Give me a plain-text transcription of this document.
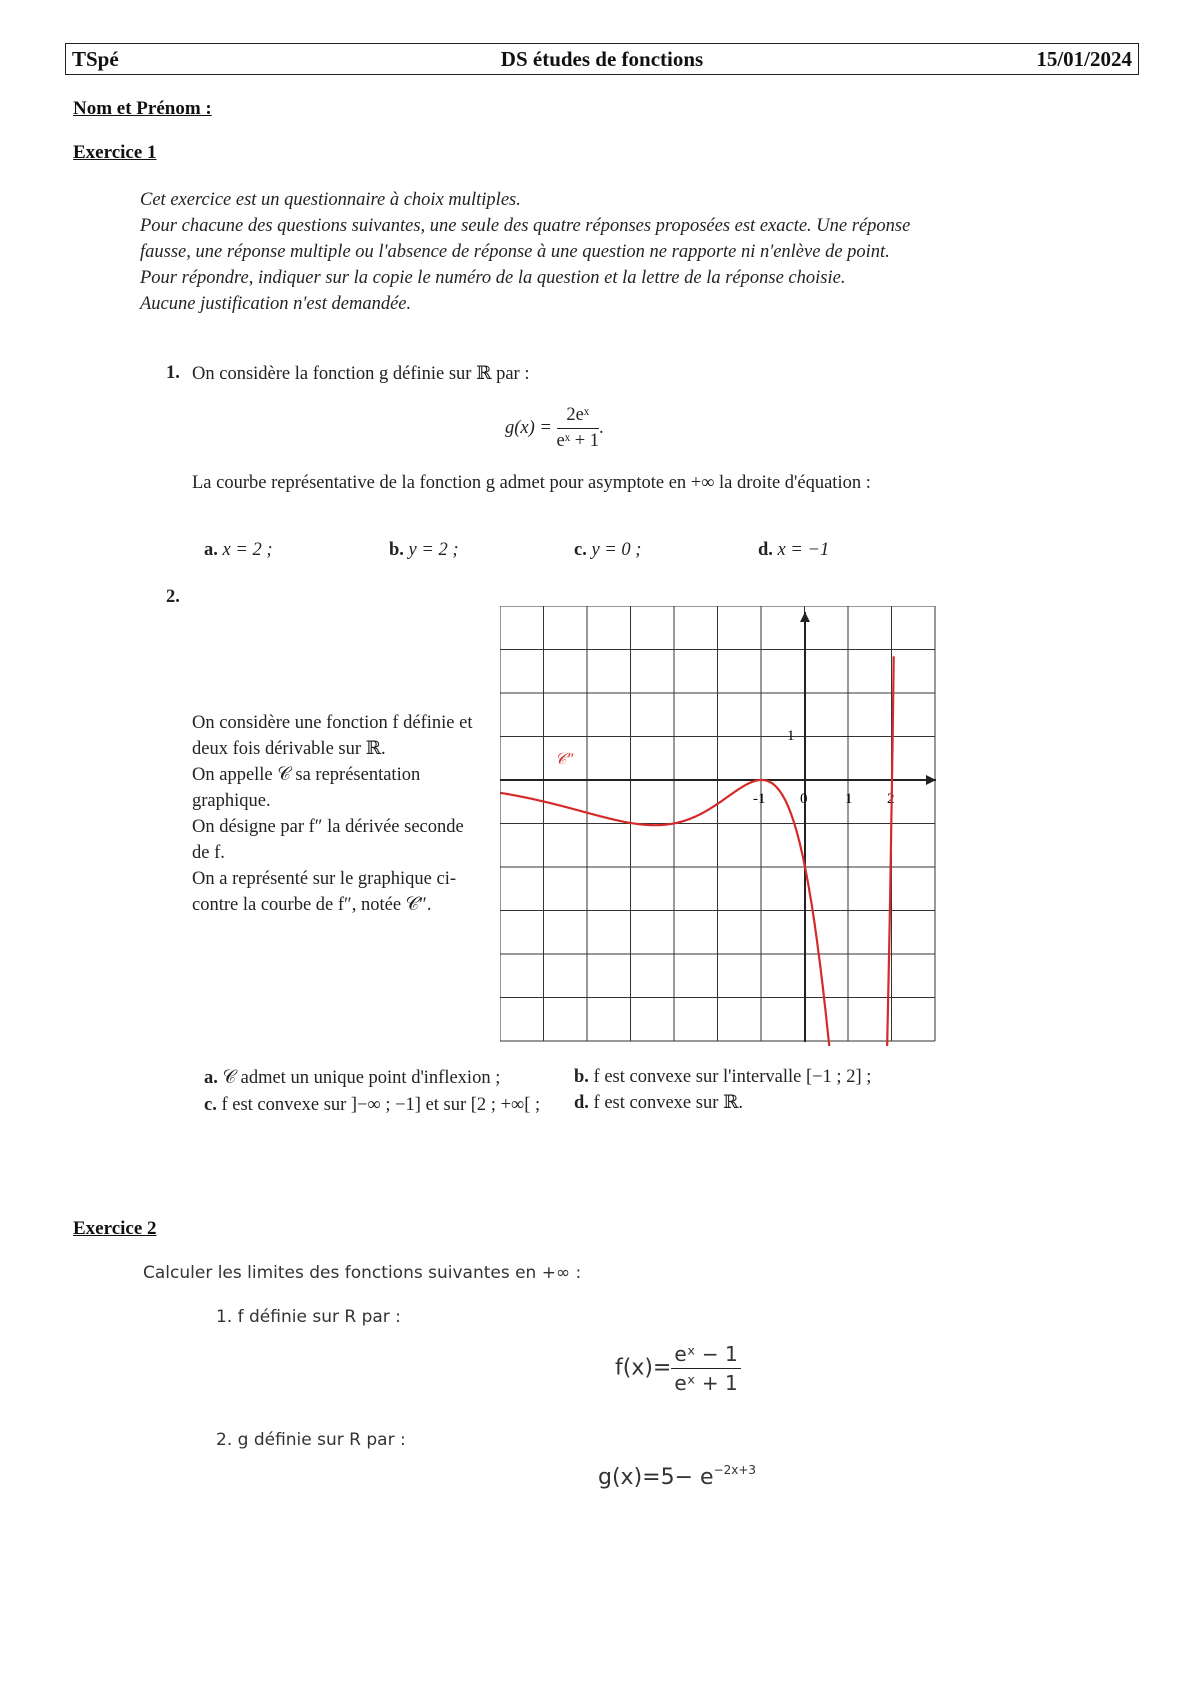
TSpé	DS études de fonctions	15/01/2024
Nom et Prénom :
Exercice 1

Cet exercice est un questionnaire à choix multiples.

Pour chacune des questions suivantes, une seule des quatre réponses proposées est exacte. Une réponse fausse, une réponse multiple ou l'absence de réponse à une question ne rapporte ni n'enlève de point.

Pour répondre, indiquer sur la copie le numéro de la question et la lettre de la réponse choisie.

Aucune justification n'est demandée.

1. On considère la fonction g définie sur ℝ par :
$g(x) = \frac{\text{2eˣ}}{\text{eˣ + 1}}$ .
La courbe représentative de la fonction g admet pour asymptote en +∞ la droite d'équation :
a. x = 2 ;	b. y = 2 ;	c. y = 0 ;	d. x = −1
2.

On considère une fonction f définie et deux fois dérivable sur ℝ.

On appelle 𝒞 sa représentation graphique.

On désigne par f″ la dérivée seconde de f.

On a représenté sur le graphique ci-contre la courbe de f″, notée 𝒞″.

-1 0	1 2
1
𝒞″
a. 𝒞 admet un unique point d'inflexion ;	b. f est convexe sur l'intervalle [−1 ; 2] ;
c. f est convexe sur ]−∞ ; −1] et sur [2 ; +∞[ ;	d. f est convexe sur ℝ.
Exercice 2
Calculer les limites des fonctions suivantes en +∞ :
1. f définie sur R par :
$f(x)= \frac{\text{eˣ − 1}}{\text{eˣ + 1}}$
2. g définie sur R par :
$g(x)=5- e^{-2x+3}$
